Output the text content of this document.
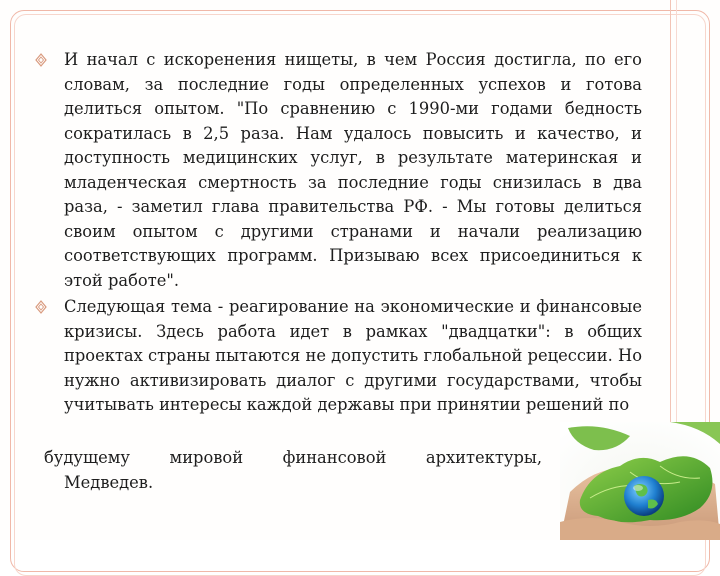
И начал с искоренения нищеты, в чем Россия достигла, по его словам, за последние годы определенных успехов и готова делиться опытом. "По сравнению с 1990-ми годами бедность сократилась в 2,5 раза. Нам удалось повысить и качество, и доступность медицинских услуг, в результате материнская и младенческая смертность за последние годы снизилась в два раза, - заметил глава правительства РФ. - Мы готовы делиться своим опытом с другими странами и начали реализацию соответствующих программ. Призываю всех присоединиться к этой работе".
Следующая тема - реагирование на экономические и финансовые кризисы. Здесь работа идет в рамках "двадцатки": в общих проектах страны пытаются не допустить глобальной рецессии. Но нужно активизировать диалог с другими государствами, чтобы учитывать интересы каждой державы при принятии решений по
будущему мировой финансовой архитектуры,
Медведев.
